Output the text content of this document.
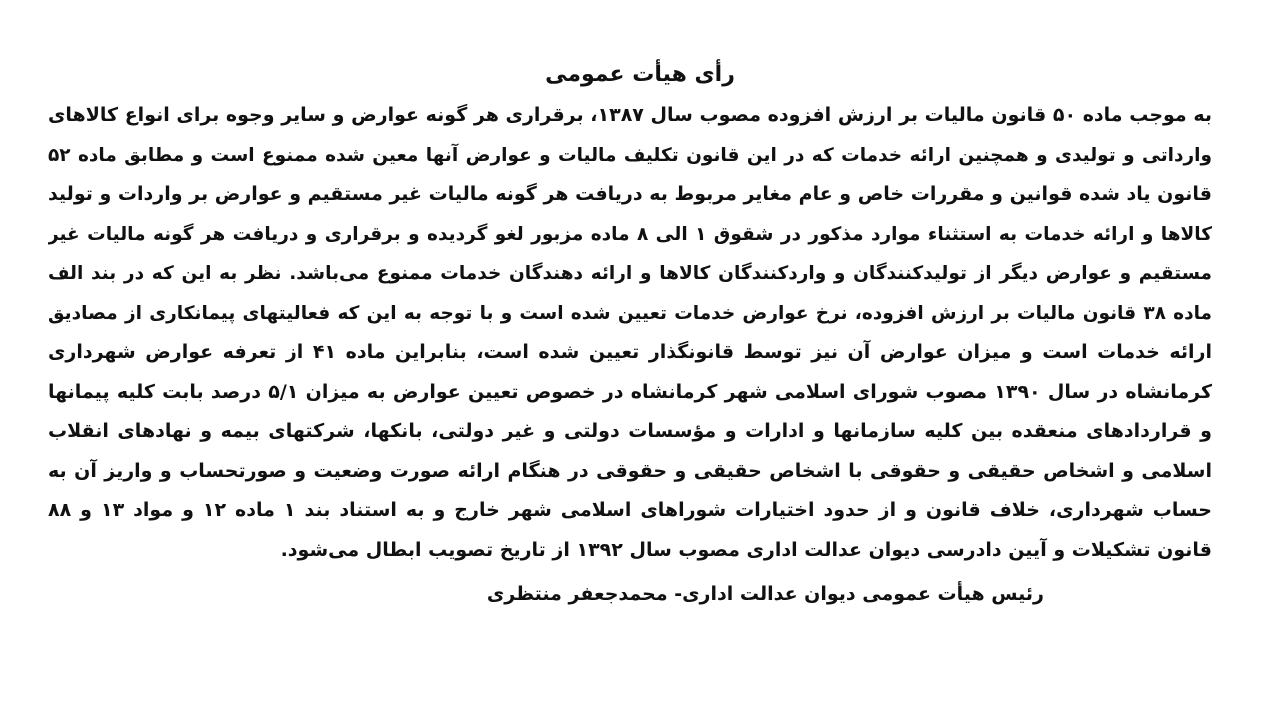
رأی هیأت عمومی
به موجب ماده ۵۰ قانون مالیات بر ارزش افزوده مصوب سال ۱۳۸۷، برقراری هر گونه عوارض و سایر وجوه برای انواع کالاهای
وارداتی و تولیدی و همچنین ارائه خدمات که در این قانون تکلیف مالیات و عوارض آنها معین شده ممنوع است و مطابق ماده ۵۲
قانون یاد شده قوانین و مقررات خاص و عام مغایر مربوط به دریافت هر گونه مالیات غیر مستقیم و عوارض بر واردات و تولید
کالاها و ارائه خدمات به استثناء موارد مذکور در شقوق ۱ الی ۸ ماده مزبور لغو گردیده و برقراری و دریافت هر گونه مالیات غیر
مستقیم و عوارض دیگر از تولیدکنندگان و واردکنندگان کالاها و ارائه دهندگان خدمات ممنوع می‌باشد. نظر به این که در بند الف
ماده ۳۸ قانون مالیات بر ارزش افزوده، نرخ عوارض خدمات تعیین شده است و با توجه به این که فعالیتهای پیمانکاری از مصادیق
ارائه خدمات است و میزان عوارض آن نیز توسط قانونگذار تعیین شده است، بنابراین ماده ۴۱ از تعرفه عوارض شهرداری
کرمانشاه در سال ۱۳۹۰ مصوب شورای اسلامی شهر کرمانشاه در خصوص تعیین عوارض به میزان ۵/۱ درصد بابت کلیه پیمانها
و قراردادهای منعقده بین کلیه سازمانها و ادارات و مؤسسات دولتی و غیر دولتی، بانکها، شرکتهای بیمه و نهادهای انقلاب
اسلامی و اشخاص حقیقی و حقوقی با اشخاص حقیقی و حقوقی در هنگام ارائه صورت وضعیت و صورتحساب و واریز آن به
حساب شهرداری، خلاف قانون و از حدود اختیارات شوراهای اسلامی شهر خارج و به استناد بند ۱ ماده ۱۲ و مواد ۱۳ و ۸۸
قانون تشکیلات و آیین دادرسی دیوان عدالت اداری مصوب سال ۱۳۹۲ از تاریخ تصویب ابطال می‌شود.
رئیس هیأت عمومی دیوان عدالت اداری- محمدجعفر منتظری
